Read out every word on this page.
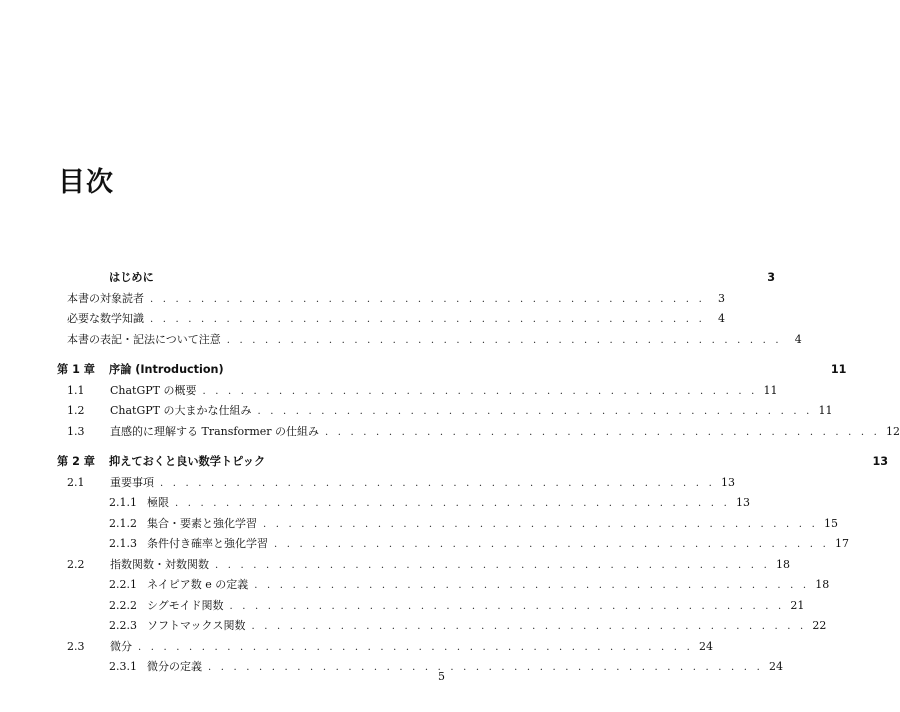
目次
はじめに	3
本書の対象読者 . . . . . . . . . . . . . . . . . . . . . . . . . . . . . . . . . . . . . . . . . . . .	3
必要な数学知識 . . . . . . . . . . . . . . . . . . . . . . . . . . . . . . . . . . . . . . . . . . . .	4
本書の表記・記法について注意 . . . . . . . . . . . . . . . . . . . . . . . . . . . . . . . . . . . . . . . . . . . .	4
第 1 章	序論 (Introduction)	11
1.1	ChatGPT の概要 . . . . . . . . . . . . . . . . . . . . . . . . . . . . . . . . . . . . . . . . . . . . 11
1.2	ChatGPT の大まかな仕組み . . . . . . . . . . . . . . . . . . . . . . . . . . . . . . . . . . . . . . . . . . . . 11
1.3	直感的に理解する Transformer の仕組み . . . . . . . . . . . . . . . . . . . . . . . . . . . . . . . . . . . . . . . . . . . . 12
第 2 章	抑えておくと良い数学トピック	13
2.1	重要事項 . . . . . . . . . . . . . . . . . . . . . . . . . . . . . . . . . . . . . . . . . . . . 13
2.1.1 極限 . . . . . . . . . . . . . . . . . . . . . . . . . . . . . . . . . . . . . . . . . . . . 13
2.1.2 集合・要素と強化学習 . . . . . . . . . . . . . . . . . . . . . . . . . . . . . . . . . . . . . . . . . . . . 15
2.1.3 条件付き確率と強化学習 . . . . . . . . . . . . . . . . . . . . . . . . . . . . . . . . . . . . . . . . . . . . 17
2.2	指数関数・対数関数 . . . . . . . . . . . . . . . . . . . . . . . . . . . . . . . . . . . . . . . . . . . . 18
2.2.1 ネイピア数 e の定義 . . . . . . . . . . . . . . . . . . . . . . . . . . . . . . . . . . . . . . . . . . . . 18
2.2.2 シグモイド関数 . . . . . . . . . . . . . . . . . . . . . . . . . . . . . . . . . . . . . . . . . . . . 21
2.2.3 ソフトマックス関数 . . . . . . . . . . . . . . . . . . . . . . . . . . . . . . . . . . . . . . . . . . . . 22
2.3	微分 . . . . . . . . . . . . . . . . . . . . . . . . . . . . . . . . . . . . . . . . . . . . 24
2.3.1 微分の定義 . . . . . . . . . . . . . . . . . . . . . . . . . . . . . . . . . . . . . . . . . . . . 24
5
